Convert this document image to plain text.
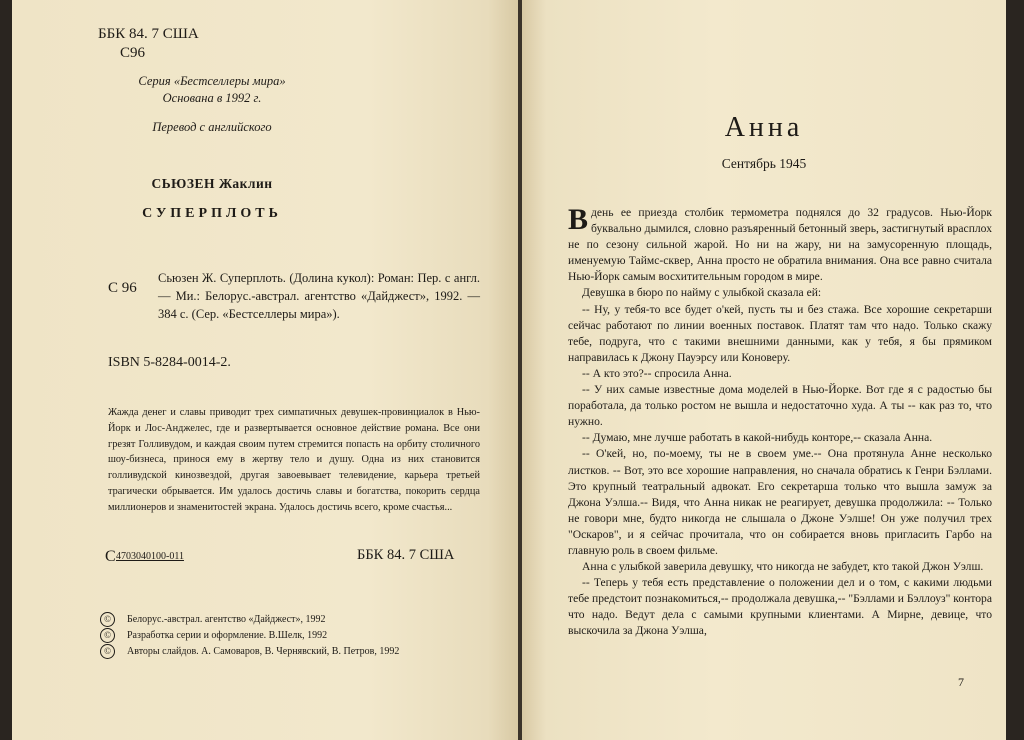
ББК 84. 7 США
С96
Серия «Бестселлеры мира»
Основана в 1992 г.
Перевод с английского
СЬЮЗЕН Жаклин
СУПЕРПЛОТЬ
С 96
Сьюзен Ж. Суперплоть. (Долина кукол): Роман: Пер. с англ.— Ми.: Белорус.-австрал. агентство «Дайджест», 1992. — 384 с. (Сер. «Бестселлеры мира»).
ISBN 5-8284-0014-2.
Жажда денег и славы приводит трех симпатичных девушек-провинциалок в Нью-Йорк и Лос-Анджелес, где и развертывается основное действие романа. Все они грезят Голливудом, и каждая своим путем стремится попасть на орбиту столичного шоу-бизнеса, принося ему в жертву тело и душу. Одна из них становится голливудской кинозвездой, другая завоевывает телевидение, карьера третьей трагически обрывается. Им удалось достичь славы и богатства, покорить сердца миллионеров и знаменитостей экрана. Удалось достичь всего, кроме счастья...
С 4703040100-011	ББК 84. 7 США
© Белорус.-австрал. агентство «Дайджест», 1992
© Разработка серии и оформление. В.Шелк, 1992
© Авторы слайдов. А. Самоваров, В. Чернявский, В. Петров, 1992
Анна
Сентябрь 1945

Вдень ее приезда столбик термометра поднялся до 32 градусов. Нью-Йорк буквально дымился, словно разъяренный бетонный зверь, застигнутый врасплох не по сезону сильной жарой. Но ни на жару, ни на замусоренную площадь, именуемую Таймс-сквер, Анна просто не обратила внимания. Она все равно считала Нью-Йорк самым восхитительным городом в мире.

Девушка в бюро по найму с улыбкой сказала ей:

-- Ну, у тебя-то все будет о'кей, пусть ты и без стажа. Все хорошие секретарши сейчас работают по линии военных поставок. Платят там что надо. Только скажу тебе, подруга, что с такими внешними данными, как у тебя, я бы прямиком направилась к Джону Пауэрсу или Коноверу.

-- А кто это?-- спросила Анна.

-- У них самые известные дома моделей в Нью-Йорке. Вот где я с радостью бы поработала, да только ростом не вышла и недостаточно худа. А ты -- как раз то, что нужно.

-- Думаю, мне лучше работать в какой-нибудь конторе,-- сказала Анна.

-- О'кей, но, по-моему, ты не в своем уме.-- Она протянула Анне несколько листков. -- Вот, это все хорошие направления, но сначала обратись к Генри Бэллами. Это крупный театральный адвокат. Его секретарша только что вышла замуж за Джона Уэлша.-- Видя, что Анна никак не реагирует, девушка продолжила: -- Только не говори мне, будто никогда не слышала о Джоне Уэлше! Он уже получил трех "Оскаров", и я сейчас прочитала, что он собирается вновь пригласить Гарбо на главную роль в своем фильме.

Анна с улыбкой заверила девушку, что никогда не забудет, кто такой Джон Уэлш.

-- Теперь у тебя есть представление о положении дел и о том, с какими людьми тебе предстоит познакомиться,-- продолжала девушка,-- "Бэллами и Бэллоуз" контора что надо. Ведут дела с самыми крупными клиентами. А Мирне, девице, что выскочила за Джона Уэлша,

7
